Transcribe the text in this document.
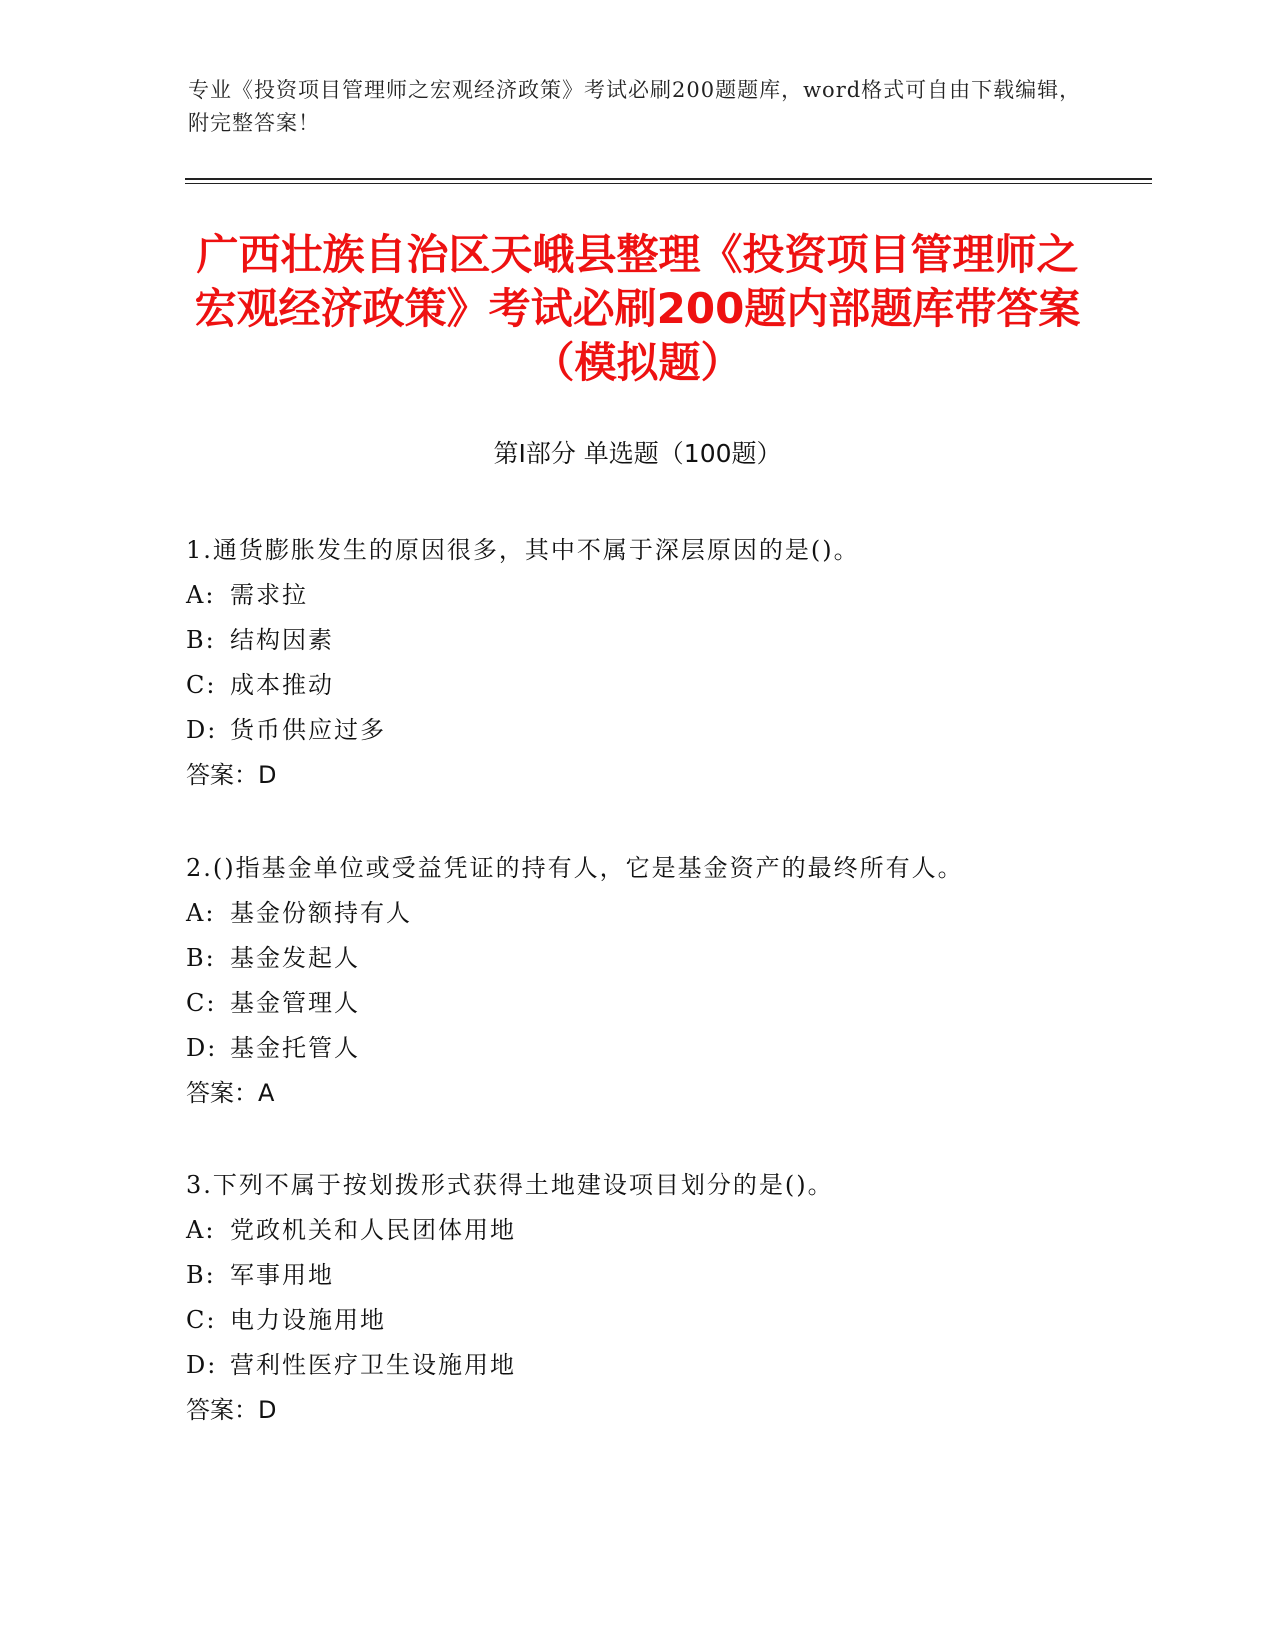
专业《投资项目管理师之宏观经济政策》考试必刷200题题库，word格式可自由下载编辑，附完整答案！
广西壮族自治区天峨县整理《投资项目管理师之宏观经济政策》考试必刷200题内部题库带答案（模拟题）
第Ⅰ部分 单选题（100题）
1.通货膨胀发生的原因很多，其中不属于深层原因的是()。
A: 需求拉
B: 结构因素
C: 成本推动
D: 货币供应过多
答案：D
2.()指基金单位或受益凭证的持有人，它是基金资产的最终所有人。
A: 基金份额持有人
B: 基金发起人
C: 基金管理人
D: 基金托管人
答案：A
3.下列不属于按划拨形式获得土地建设项目划分的是()。
A: 党政机关和人民团体用地
B: 军事用地
C: 电力设施用地
D: 营利性医疗卫生设施用地
答案：D
